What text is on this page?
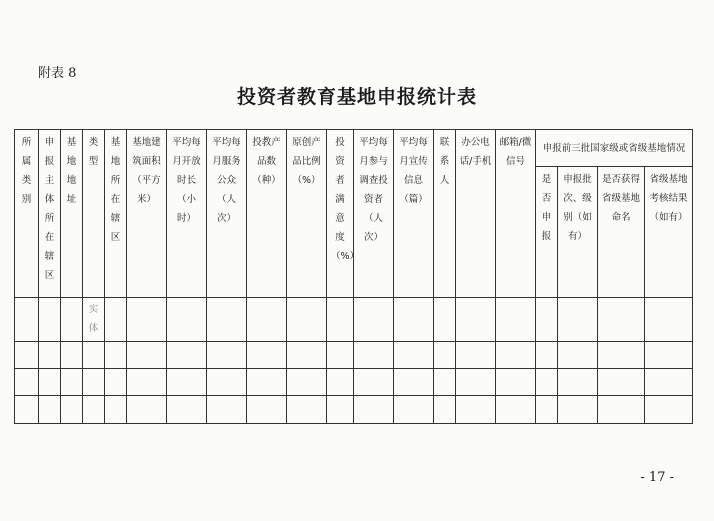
附表 8
投资者教育基地申报统计表
所属类别	申报主体所在辖区	基地地址	类型	基地所在辖区	基地建筑面积（平方米）	平均每月开放时长（小时）	平均每月服务公众（人次）	投教产品数（种）	原创产品比例（%）	投资者满意度（%）	平均每月参与调查投资者（人次）	平均每月宣传信息（篇）	联系人	办公电话/手机	邮箱/微信号	申报前三批国家级或省级基地情况			
																是否申报	申报批次、级别（如有）	是否获得省级基地命名	省级基地考核结果（如有）
			实
体																

- 17 -
